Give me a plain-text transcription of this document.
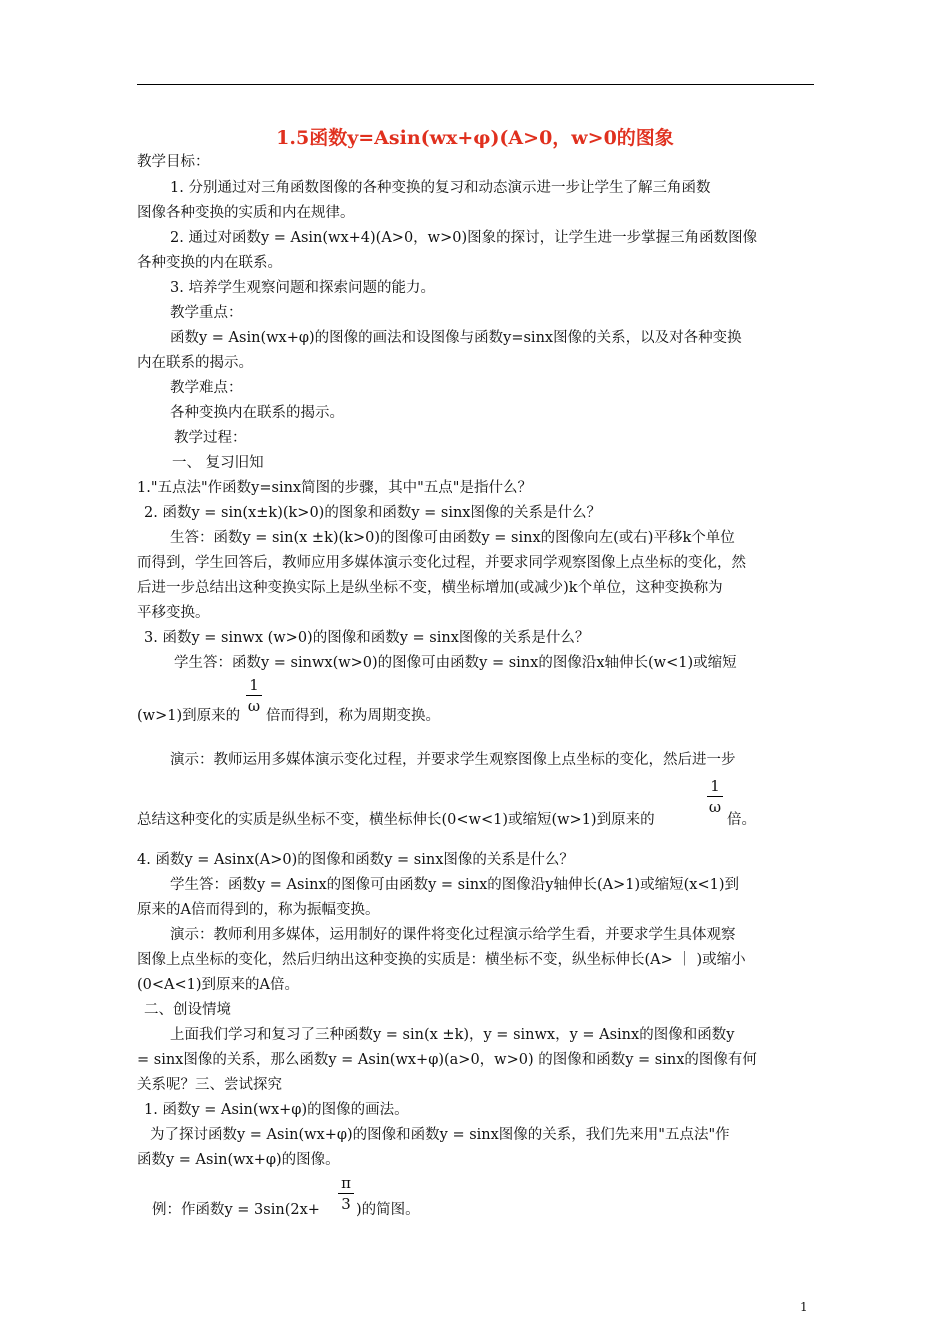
1.5函数y=Asin(wx+φ)(A>0，w>0的图象
教学目标：
1. 分别通过对三角函数图像的各种变换的复习和动态演示进一步让学生了解三角函数
图像各种变换的实质和内在规律。
2. 通过对函数y = Asin(wx+4)(A>0，w>0)图象的探讨，让学生进一步掌握三角函数图像
各种变换的内在联系。
3. 培养学生观察问题和探索问题的能力。
教学重点：
函数y = Asin(wx+φ)的图像的画法和设图像与函数y=sinx图像的关系，以及对各种变换
内在联系的揭示。
教学难点：
各种变换内在联系的揭示。
教学过程：
一、 复习旧知
1."五点法"作函数y=sinx简图的步骤，其中"五点"是指什么？
2. 函数y = sin(x±k)(k>0)的图象和函数y = sinx图像的关系是什么？
生答：函数y = sin(x ±k)(k>0)的图像可由函数y = sinx的图像向左(或右)平移k个单位
而得到，学生回答后，教师应用多媒体演示变化过程，并要求同学观察图像上点坐标的变化，然
后进一步总结出这种变换实际上是纵坐标不变，横坐标增加(或减少)k个单位，这种变换称为
平移变换。
3. 函数y = sinwx (w>0)的图像和函数y = sinx图像的关系是什么？
学生答：函数y = sinwx(w>0)的图像可由函数y = sinx的图像沿x轴伸长(w<1)或缩短
1
ω
(w>1)到原来的 倍而得到，称为周期变换。
演示：教师运用多媒体演示变化过程，并要求学生观察图像上点坐标的变化，然后进一步
1
ω
总结这种变化的实质是纵坐标不变，横坐标伸长(0<w<1)或缩短(w>1)到原来的	倍。
4. 函数y = Asinx(A>0)的图像和函数y = sinx图像的关系是什么？
学生答：函数y = Asinx的图像可由函数y = sinx的图像沿y轴伸长(A>1)或缩短(x<1)到
原来的A倍而得到的，称为振幅变换。
演示：教师利用多媒体，运用制好的课件将变化过程演示给学生看，并要求学生具体观察
图像上点坐标的变化，然后归纳出这种变换的实质是：横坐标不变，纵坐标伸长(A> ｜ )或缩小
(0<A<1)到原来的A倍。
二、创设情境
上面我们学习和复习了三种函数y = sin(x ±k)，y = sinwx，y = Asinx的图像和函数y
= sinx图像的关系，那么函数y = Asin(wx+φ)(a>0，w>0) 的图像和函数y = sinx的图像有何
关系呢？三、尝试探究
1. 函数y = Asin(wx+φ)的图像的画法。
为了探讨函数y = Asin(wx+φ)的图像和函数y = sinx图像的关系，我们先来用"五点法"作
函数y = Asin(wx+φ)的图像。
π
3
例：作函数y = 3sin(2x+ )的简图。
1
